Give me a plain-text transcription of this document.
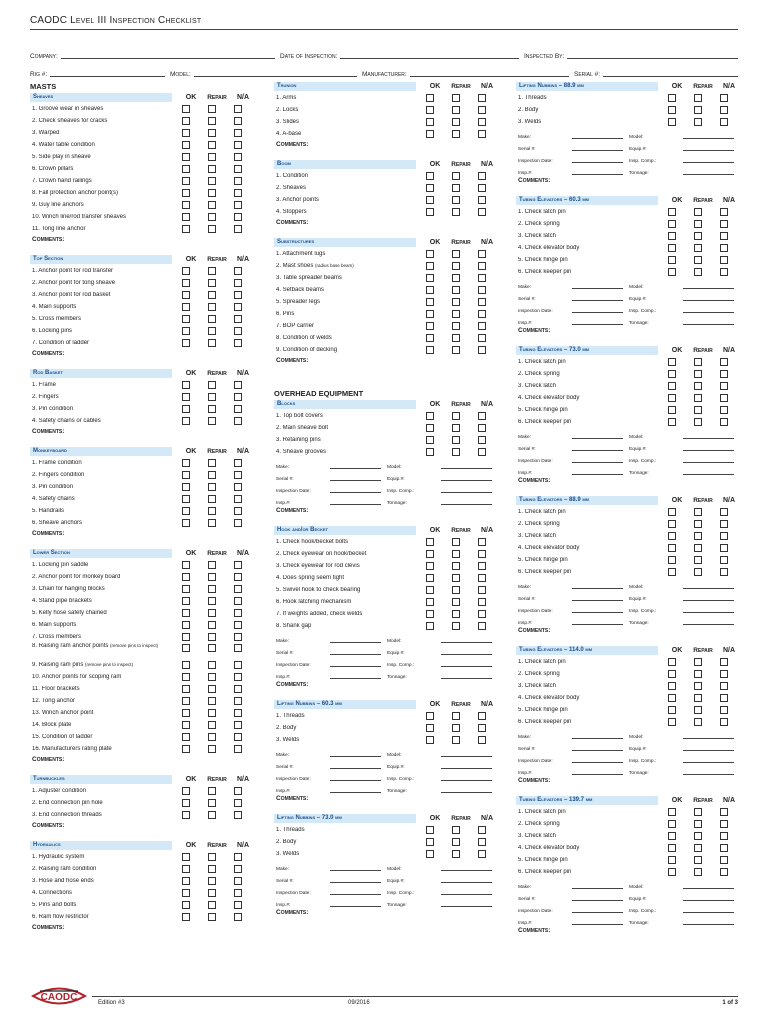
CAODC Level III Inspection Checklist
Company:	Date of Inspection:	Inspected By:
Rig #:	Model:	Manufacturer:	Serial #:
MASTS
Sheaves	OK	Repair	N/A
1. Groove wear in sheaves
2. Check sheaves for cracks
3. Warped
4. Water table condition
5. Side play in sheave
6. Crown pillars
7. Crown hand railings
8. Fall protection anchor point(s)
9. Guy line anchors
10. Winch line/rod transfer sheaves
11. Tong line anchor
Comments:
Top Section	OK	Repair	N/A
1. Anchor point for rod transfer
2. Anchor point for tong sheave
3. Anchor point for rod basket
4. Main supports
5. Cross members
6. Locking pins
7. Condition of ladder
Comments:
Rod Basket	OK	Repair	N/A
1. Frame
2. Fingers
3. Pin condition
4. Safety chains or cables
Comments:
Monkeyboard	OK	Repair	N/A
1. Frame condition
2. Fingers condition
3. Pin condition
4. Safety chains
5. Handrails
6. Sheave anchors
Comments:
Lower Section	OK	Repair	N/A
1. Locking pin saddle
2. Anchor point for monkey board
3. Chain for hanging blocks
4. Stand pipe brackets
5. Kelly hose safety chained
6. Main supports
7. Cross members
8. Raising ram anchor points (remove pins to inspect)
9. Raising ram pins (remove pins to inspect)
10. Anchor points for scoping ram
11. Floor brackets
12. Tong anchor
13. Winch anchor point
14. Block plate
15. Condition of ladder
16. Manufacturers rating plate
Comments:
Turnbuckles	OK	Repair	N/A
1. Adjuster condition
2. End connection pin hole
3. End connection threads
Comments:
Hydraulics	OK	Repair	N/A
1. Hydraulic system
2. Raising ram condition
3. Hose and hose ends
4. Connections
5. Pins and bolts
6. Ram flow restrictor
Comments:
Trunion	OK	Repair	N/A
1. Arms
2. Locks
3. Slides
4. A-base
Comments:
Boom	OK	Repair	N/A
1. Condition
2. Sheaves
3. Anchor points
4. Stoppers
Comments:
Substructures	OK	Repair	N/A
1. Attachment lugs
2. Mast shoes (radius base beam)
3. Table spreader beams
4. Setback beams
5. Spreader legs
6. Pins
7. BOP carrier
8. Condition of welds
9. Condition of decking
Comments:
OVERHEAD EQUIPMENT
Blocks	OK	Repair	N/A
1. Top bolt covers
2. Main sheave bolt
3. Retaining pins
4. Sheave grooves
Make:	Model:
Serial #:	Equip.#:
Inspection Date:	Insp. Comp.:
Insp.#:	Tonnage:
Comments:
Hook and/or Becket	OK	Repair	N/A
1. Check hook/becket bolts
2. Check eyewear on hook/becket
3. Check eyewear for rod clevis
4. Does spring seem tight
5. Swivel hook to check bearing
6. Hook latching mechanism
7. If weights added, check welds
8. Shank gap
Make:	Model:
Serial #:	Equip.#:
Inspection Date:	Insp. Comp.:
Insp.#:	Tonnage:
Comments:
Lifting Nubbins – 60.3 mm	OK	Repair	N/A
1. Threads
2. Body
3. Welds
Make:	Model:
Serial #:	Equip.#:
Inspection Date:	Insp. Comp.:
Insp.#:	Tonnage:
Comments:
Lifting Nubbins – 73.0 mm	OK	Repair	N/A
1. Threads
2. Body
3. Welds
Make:	Model:
Serial #:	Equip.#:
Inspection Date:	Insp. Comp.:
Insp.#:	Tonnage:
Comments:
Lifting Nubbins – 88.9 mm	OK	Repair	N/A
1. Threads
2. Body
3. Welds
Make:	Model:
Serial #:	Equip.#:
Inspection Date:	Insp. Comp.:
Insp.#:	Tonnage:
Comments:
Tubing Elevators – 60.3 mm	OK	Repair	N/A
1. Check latch pin
2. Check spring
3. Check latch
4. Check elevator body
5. Check hinge pin
6. Check keeper pin
Make:	Model:
Serial #:	Equip.#:
Inspection Date:	Insp. Comp.:
Insp.#:	Tonnage:
Comments:
Tubing Elevators – 73.0 mm	OK	Repair	N/A
1. Check latch pin
2. Check spring
3. Check latch
4. Check elevator body
5. Check hinge pin
6. Check keeper pin
Make:	Model:
Serial #:	Equip.#:
Inspection Date:	Insp. Comp.:
Insp.#:	Tonnage:
Comments:
Tubing Elevators – 88.9 mm	OK	Repair	N/A
1. Check latch pin
2. Check spring
3. Check latch
4. Check elevator body
5. Check hinge pin
6. Check keeper pin
Make:	Model:
Serial #:	Equip.#:
Inspection Date:	Insp. Comp.:
Insp.#:	Tonnage:
Comments:
Tubing Elevators – 114.0 mm	OK	Repair	N/A
1. Check latch pin
2. Check spring
3. Check latch
4. Check elevator body
5. Check hinge pin
6. Check keeper pin
Make:	Model:
Serial #:	Equip.#:
Inspection Date:	Insp. Comp.:
Insp.#:	Tonnage:
Comments:
Tubing Elevators – 139.7 mm	OK	Repair	N/A
1. Check latch pin
2. Check spring
3. Check latch
4. Check elevator body
5. Check hinge pin
6. Check keeper pin
Make:	Model:
Serial #:	Equip.#:
Inspection Date:	Insp. Comp.:
Insp.#:	Tonnage:
Comments:
CAODC	Edition #3	09/2016	1 of 3
